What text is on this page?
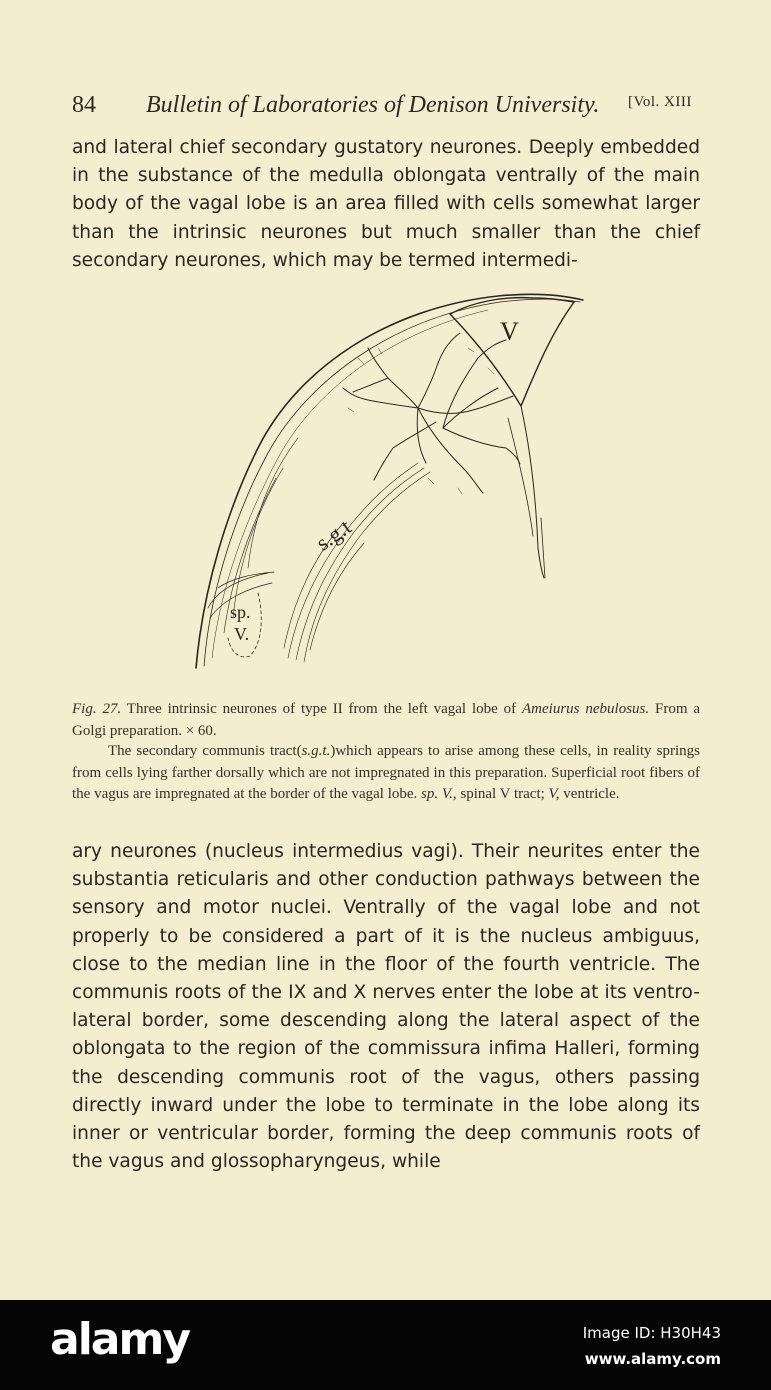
84 Bulletin of Laboratories of Denison University. [Vol. XIII

and lateral chief secondary gustatory neurones. Deeply embedded in the substance of the medulla oblongata ventrally of the main body of the vagal lobe is an area filled with cells somewhat larger than the intrinsic neurones but much smaller than the chief secondary neurones, which may be termed intermedi-

V
s.g.t
sp.
V.

Fig. 27. Three intrinsic neurones of type II from the left vagal lobe of Ameiurus nebulosus. From a Golgi preparation. × 60.

The secondary communis tract(s.g.t.)which appears to arise among these cells, in reality springs from cells lying farther dorsally which are not impregnated in this preparation. Superficial root fibers of the vagus are impregnated at the border of the vagal lobe. sp. V., spinal V tract; V, ventricle.

ary neurones (nucleus intermedius vagi). Their neurites enter the substantia reticularis and other conduction pathways between the sensory and motor nuclei. Ventrally of the vagal lobe and not properly to be considered a part of it is the nucleus ambiguus, close to the median line in the floor of the fourth ventricle. The communis roots of the IX and X nerves enter the lobe at its ventro-lateral border, some descending along the lateral aspect of the oblongata to the region of the commissura infima Halleri, forming the descending communis root of the vagus, others passing directly inward under the lobe to terminate in the lobe along its inner or ventricular border, forming the deep communis roots of the vagus and glossopharyngeus, while

alamy	Image ID: H30H43
www.alamy.com
